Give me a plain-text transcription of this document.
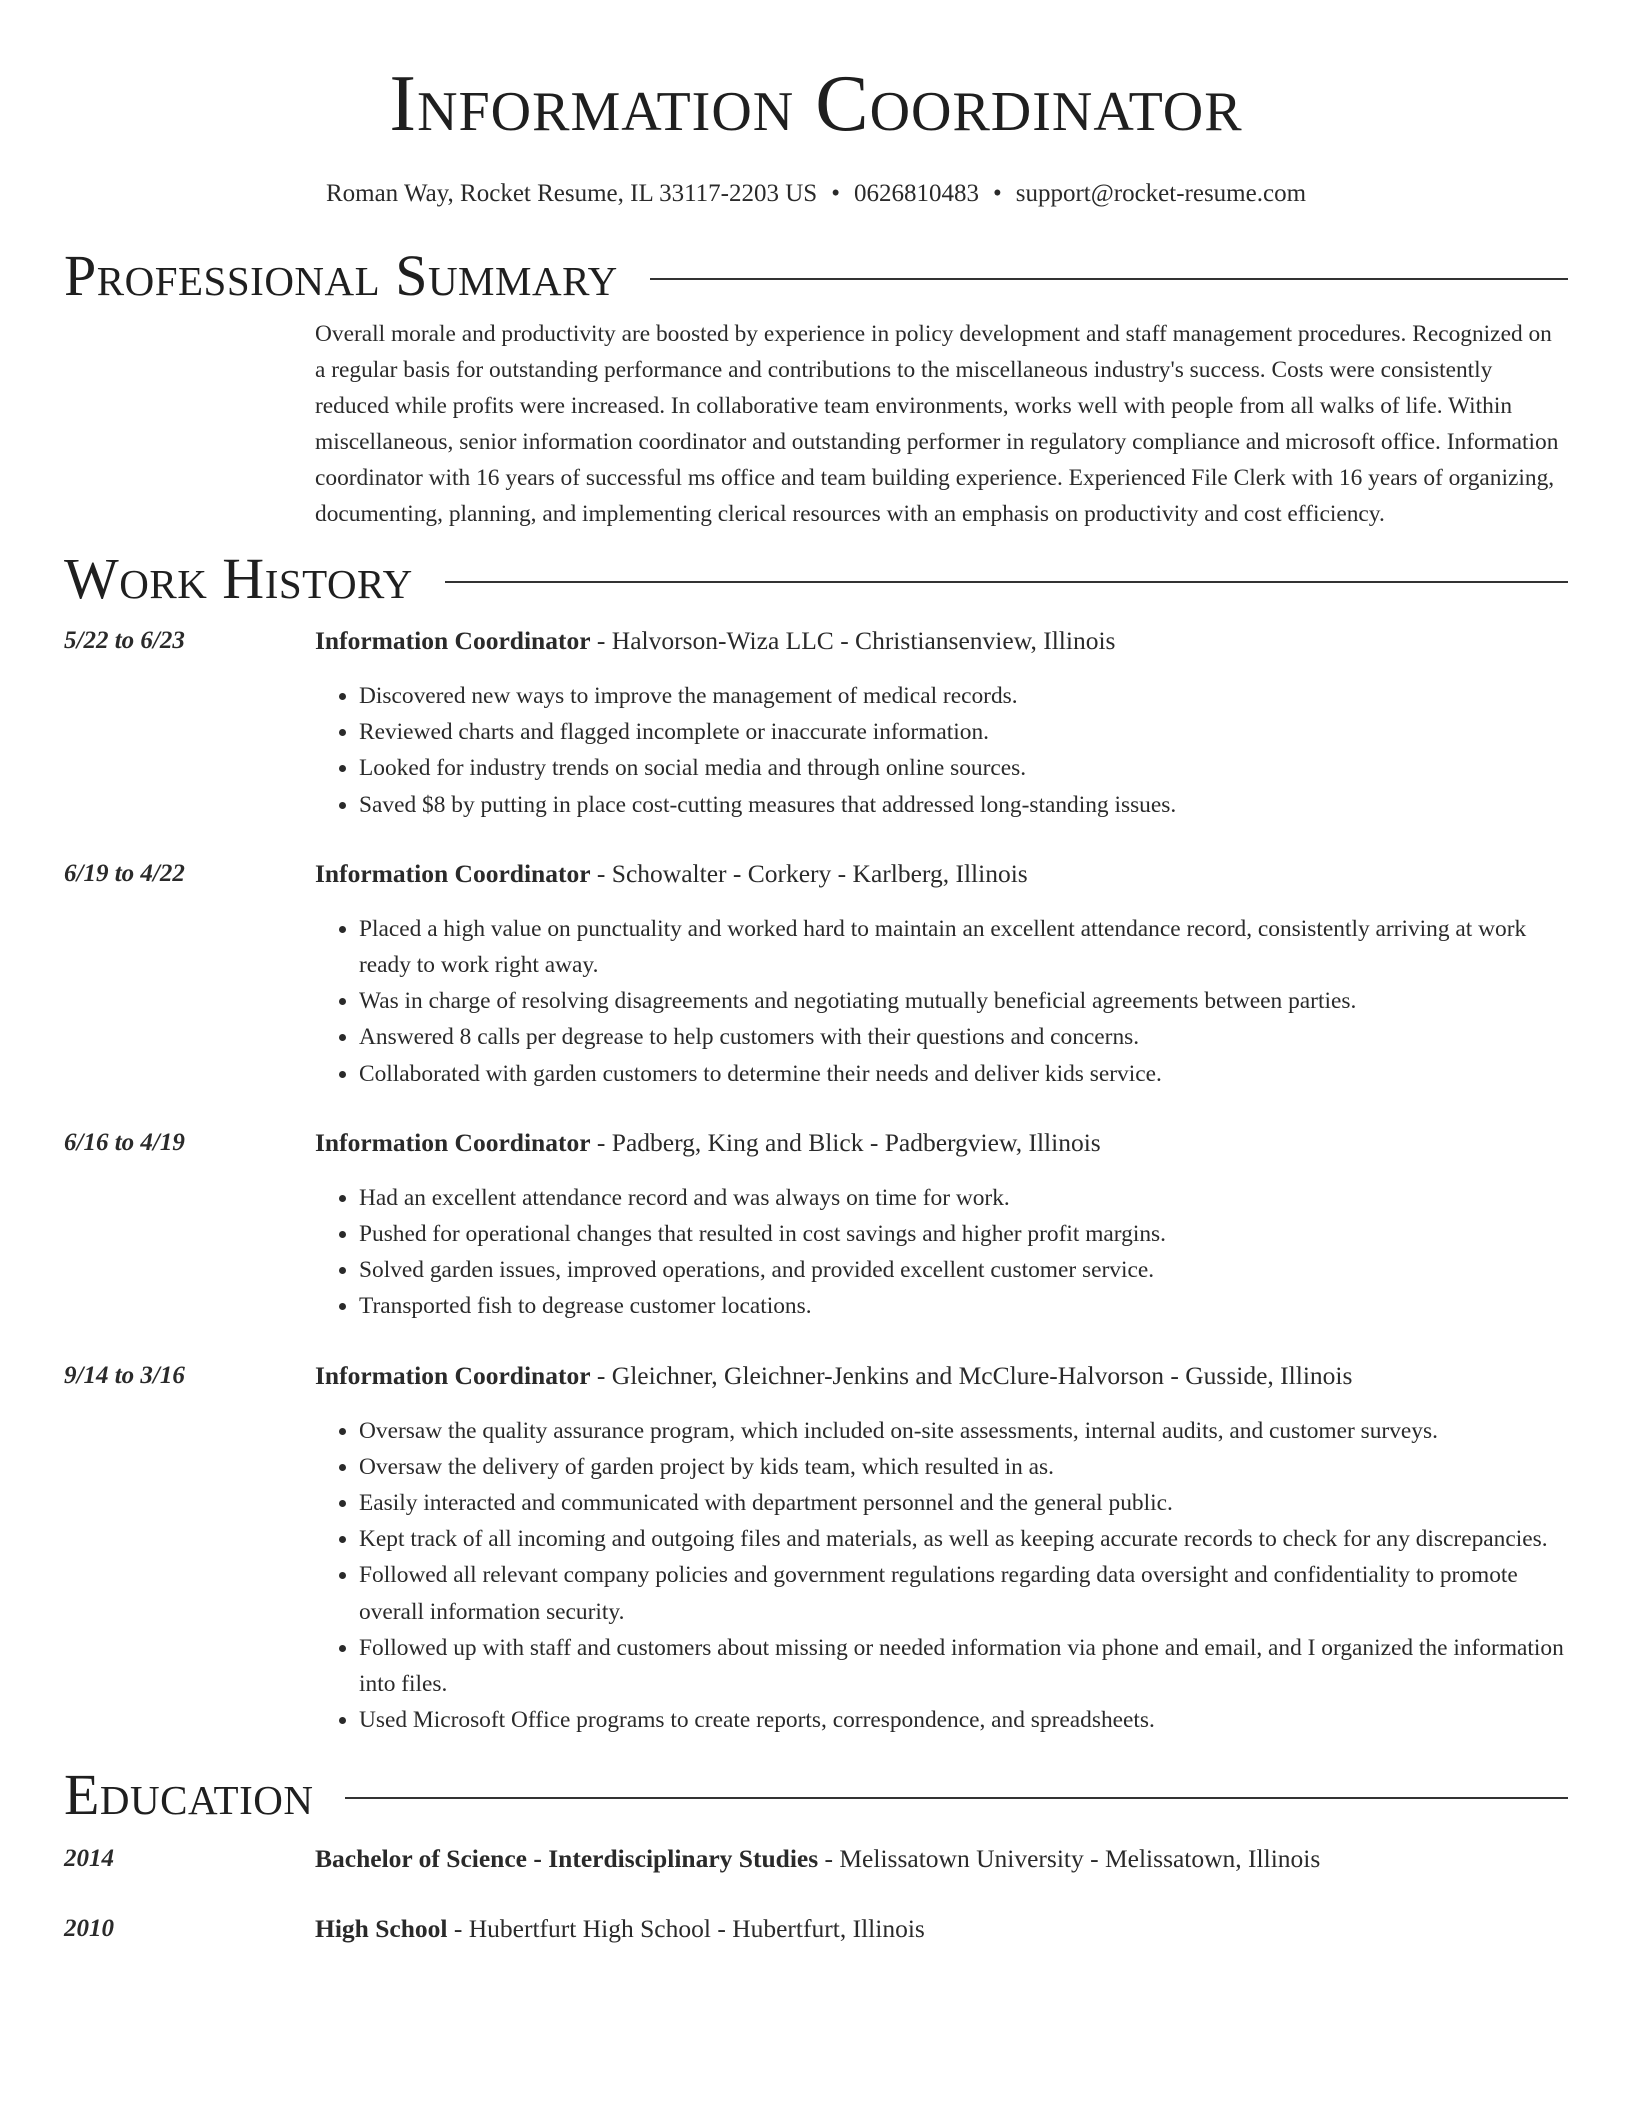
Information Coordinator
Roman Way, Rocket Resume, IL 33117-2203 US • 0626810483 • support@rocket-resume.com
Professional Summary
Overall morale and productivity are boosted by experience in policy development and staff management procedures. Recognized on a regular basis for outstanding performance and contributions to the miscellaneous industry's success. Costs were consistently reduced while profits were increased. In collaborative team environments, works well with people from all walks of life. Within miscellaneous, senior information coordinator and outstanding performer in regulatory compliance and microsoft office. Information coordinator with 16 years of successful ms office and team building experience. Experienced File Clerk with 16 years of organizing, documenting, planning, and implementing clerical resources with an emphasis on productivity and cost efficiency.
Work History
5/22 to 6/23	Information Coordinator - Halvorson-Wiza LLC - Christiansenview, Illinois
• Discovered new ways to improve the management of medical records.
• Reviewed charts and flagged incomplete or inaccurate information.
• Looked for industry trends on social media and through online sources.
• Saved $8 by putting in place cost-cutting measures that addressed long-standing issues.
6/19 to 4/22	Information Coordinator - Schowalter - Corkery - Karlberg, Illinois
• Placed a high value on punctuality and worked hard to maintain an excellent attendance record, consistently arriving at work ready to work right away.
• Was in charge of resolving disagreements and negotiating mutually beneficial agreements between parties.
• Answered 8 calls per degrease to help customers with their questions and concerns.
• Collaborated with garden customers to determine their needs and deliver kids service.
6/16 to 4/19	Information Coordinator - Padberg, King and Blick - Padbergview, Illinois
• Had an excellent attendance record and was always on time for work.
• Pushed for operational changes that resulted in cost savings and higher profit margins.
• Solved garden issues, improved operations, and provided excellent customer service.
• Transported fish to degrease customer locations.
9/14 to 3/16	Information Coordinator - Gleichner, Gleichner-Jenkins and McClure-Halvorson - Gusside, Illinois
• Oversaw the quality assurance program, which included on-site assessments, internal audits, and customer surveys.
• Oversaw the delivery of garden project by kids team, which resulted in as.
• Easily interacted and communicated with department personnel and the general public.
• Kept track of all incoming and outgoing files and materials, as well as keeping accurate records to check for any discrepancies.
• Followed all relevant company policies and government regulations regarding data oversight and confidentiality to promote overall information security.
• Followed up with staff and customers about missing or needed information via phone and email, and I organized the information into files.
• Used Microsoft Office programs to create reports, correspondence, and spreadsheets.
Education
2014	Bachelor of Science - Interdisciplinary Studies - Melissatown University - Melissatown, Illinois
2010	High School - Hubertfurt High School - Hubertfurt, Illinois
